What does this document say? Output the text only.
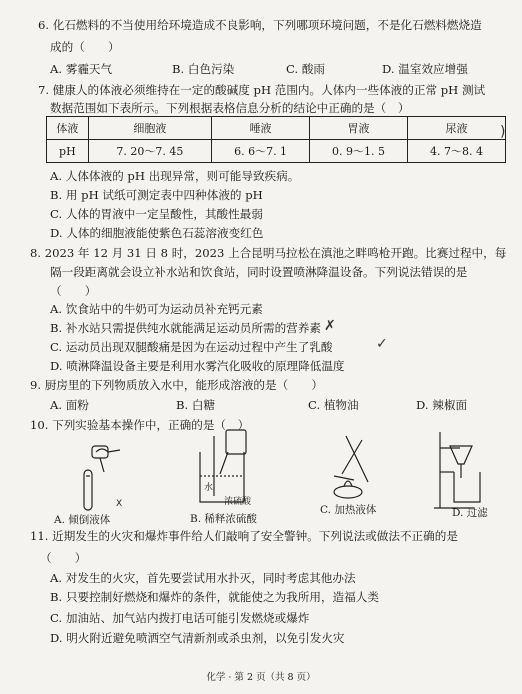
6. 化石燃料的不当使用给环境造成不良影响，下列哪项环境问题，不是化石燃料燃烧造
成的（　　）
A. 雾霾天气	B. 白色污染	C. 酸雨	D. 温室效应增强
7. 健康人的体液必须维持在一定的酸碱度 pH 范围内。人体内一些体液的正常 pH 测试
数据范围如下表所示。下列根据表格信息分析的结论中正确的是（　）
体液	细胞液	唾液	胃液	尿液
pH	7. 20～7. 45	6. 6～7. 1	0. 9～1. 5	4. 7～8. 4
)
A. 人体体液的 pH 出现异常，则可能导致疾病。
B. 用 pH 试纸可测定表中四种体液的 pH
C. 人体的胃液中一定呈酸性，其酸性最弱
D. 人体的细胞液能使紫色石蕊溶液变红色
8. 2023 年 12 月 31 日 8 时，2023 上合昆明马拉松在滇池之畔鸣枪开跑。比赛过程中，每
隔一段距离就会设立补水站和饮食站，同时设置喷淋降温设备。下列说法错误的是
（　　）
A. 饮食站中的牛奶可为运动员补充钙元素
B. 补水站只需提供纯水就能满足运动员所需的营养素 ✗
C. 运动员出现双腿酸痛是因为在运动过程中产生了乳酸	✓
D. 喷淋降温设备主要是利用水雾汽化吸收的原理降低温度
9. 厨房里的下列物质放入水中，能形成溶液的是（　　）
A. 面粉	B. 白糖	C. 植物油	D. 辣椒面
10. 下列实验基本操作中，正确的是（　）
X
A. 倾倒液体
水
浓硫酸
B. 稀释浓硫酸
C. 加热液体	D. 过滤
11. 近期发生的火灾和爆炸事件给人们敲响了安全警钟。下列说法或做法不正确的是
（　　）
A. 对发生的火灾，首先要尝试用水扑灭，同时考虑其他办法
B. 只要控制好燃烧和爆炸的条件，就能使之为我所用，造福人类
C. 加油站、加气站内拨打电话可能引发燃烧或爆炸
D. 明火附近避免喷洒空气清新剂或杀虫剂，以免引发火灾
化学 · 第 2 页（共 8 页）
